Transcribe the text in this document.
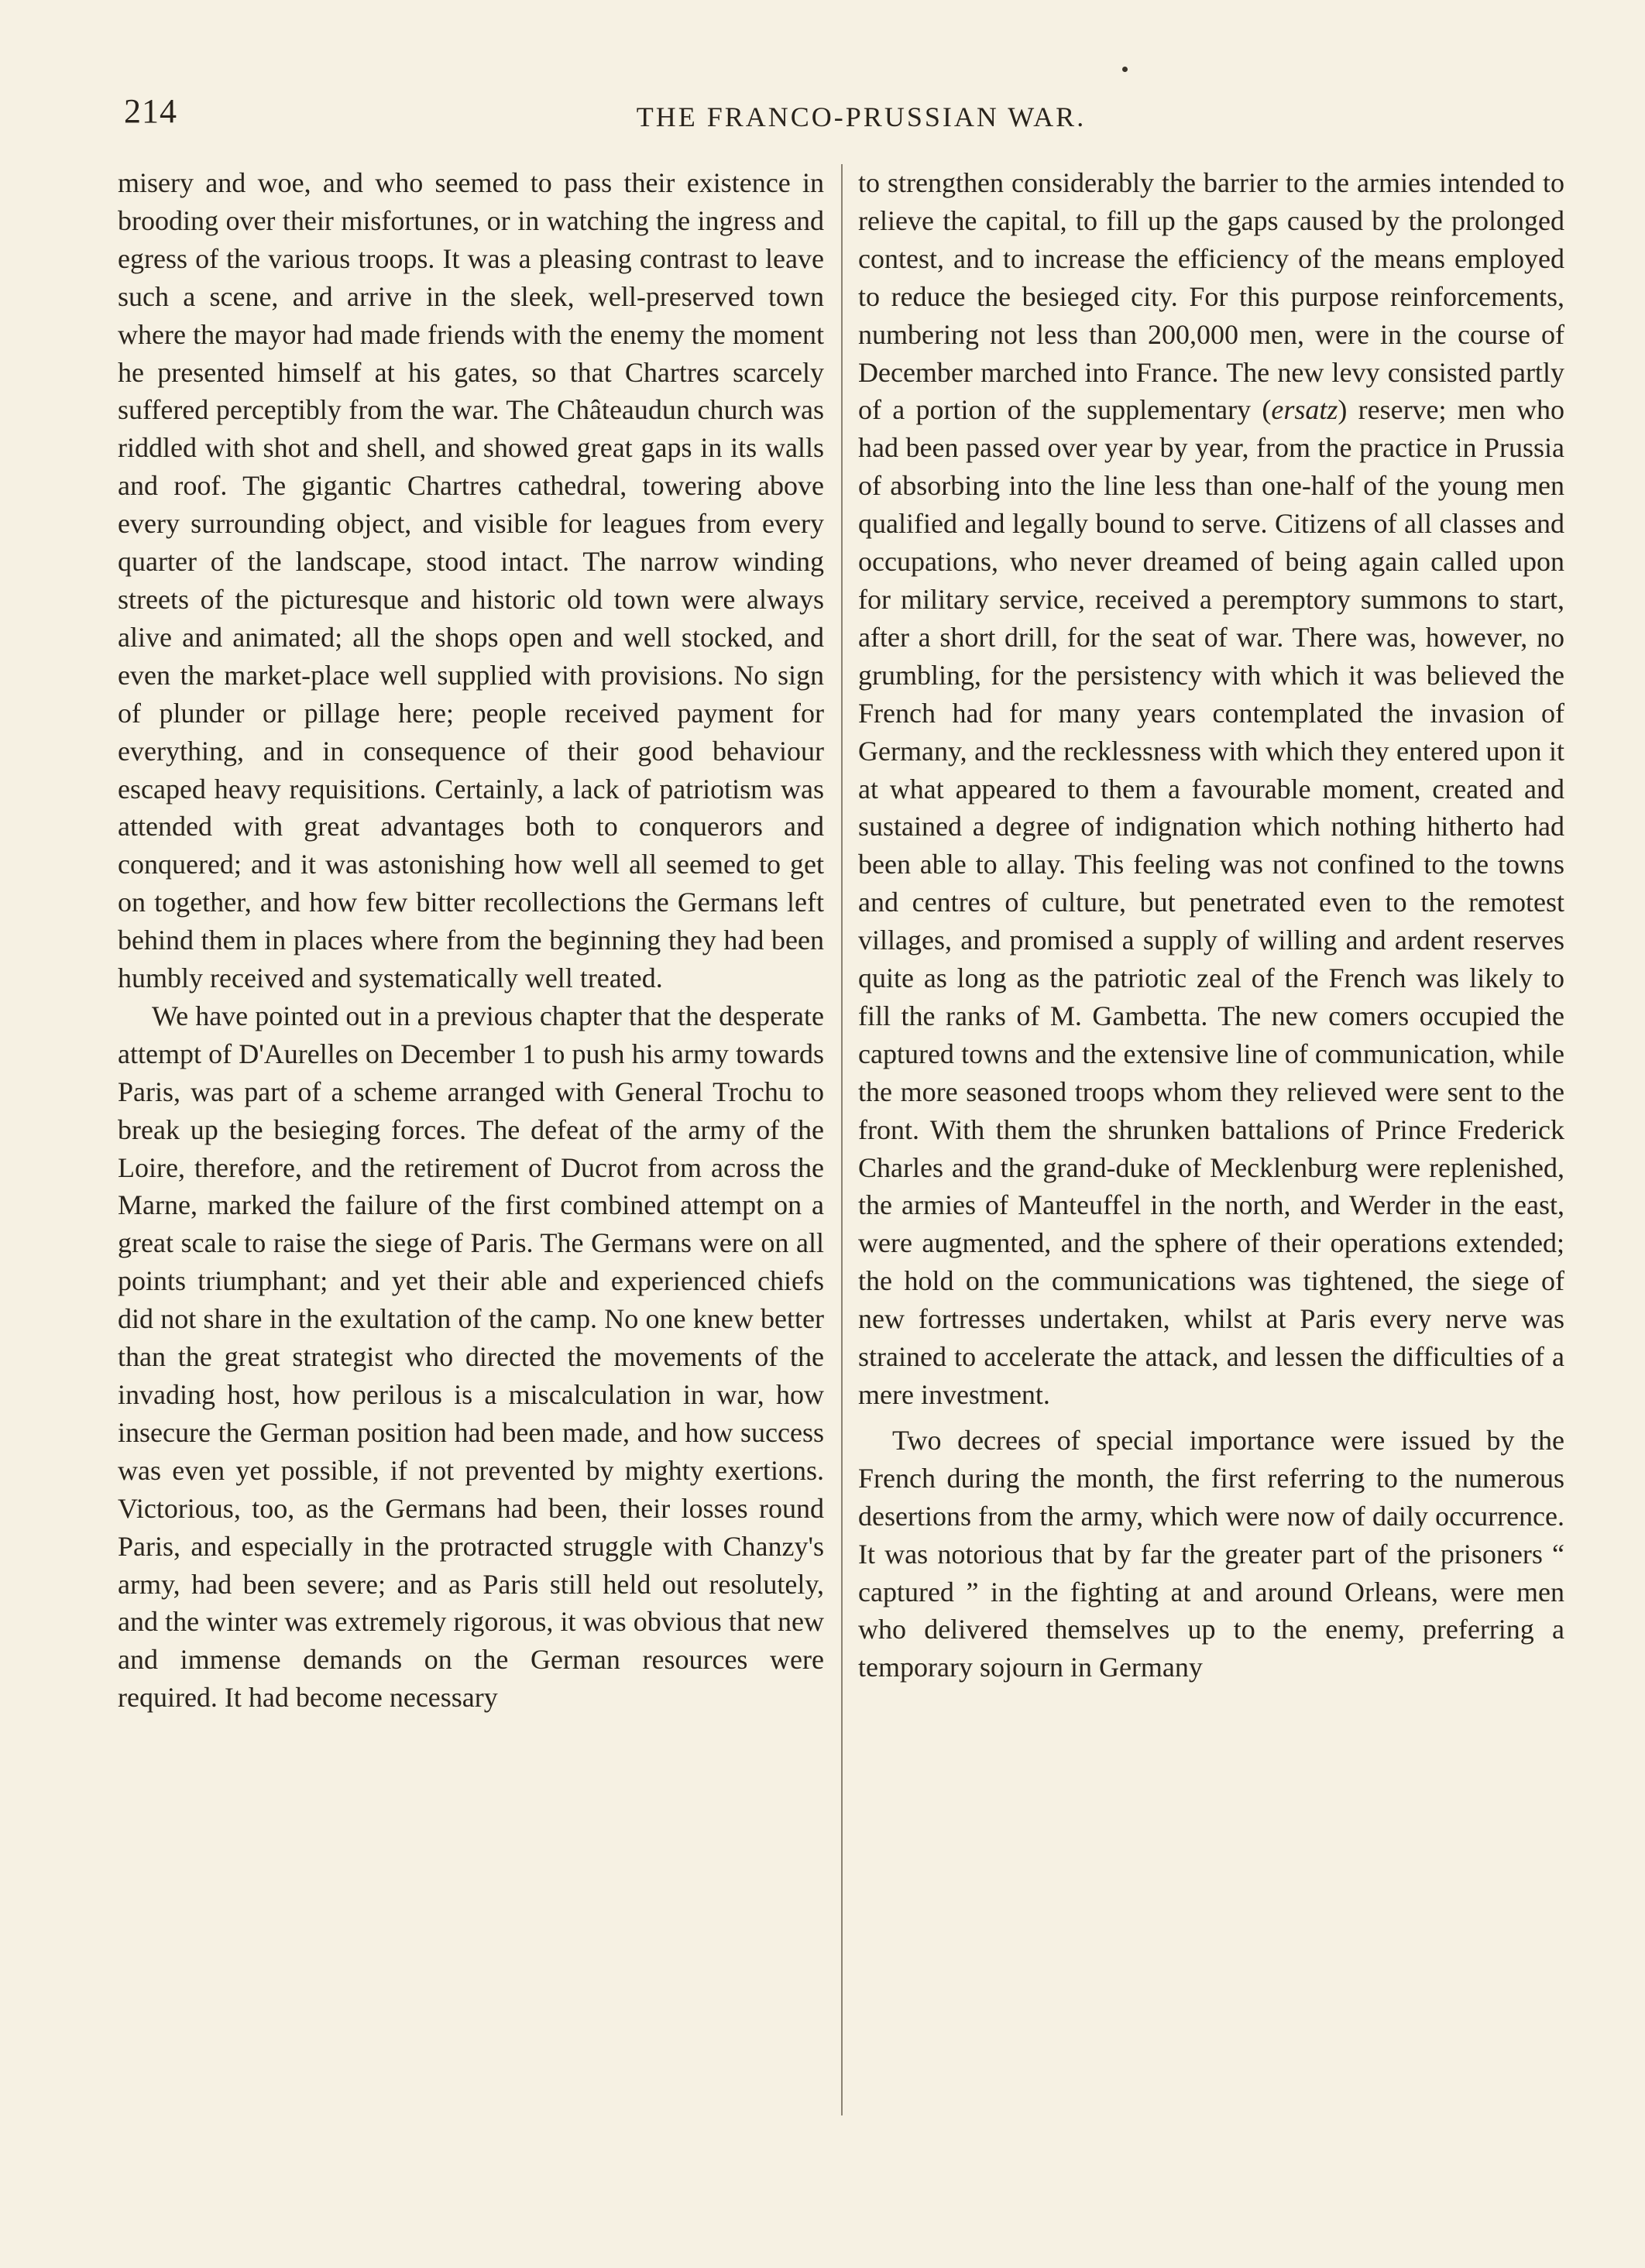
214	THE FRANCO-PRUSSIAN WAR.

misery and woe, and who seemed to pass their existence in brooding over their misfortunes, or in watching the ingress and egress of the various troops. It was a pleasing contrast to leave such a scene, and arrive in the sleek, well-preserved town where the mayor had made friends with the enemy the moment he presented himself at his gates, so that Chartres scarcely suffered perceptibly from the war. The Châteaudun church was riddled with shot and shell, and showed great gaps in its walls and roof. The gigantic Chartres cathedral, towering above every surrounding object, and visible for leagues from every quarter of the landscape, stood intact. The narrow winding streets of the picturesque and historic old town were always alive and animated; all the shops open and well stocked, and even the market-place well supplied with provisions. No sign of plunder or pillage here; people received payment for everything, and in consequence of their good behaviour escaped heavy requisitions. Certainly, a lack of patriotism was attended with great advantages both to conquerors and conquered; and it was astonishing how well all seemed to get on together, and how few bitter recollections the Germans left behind them in places where from the beginning they had been humbly received and systematically well treated.

We have pointed out in a previous chapter that the desperate attempt of D'Aurelles on December 1 to push his army towards Paris, was part of a scheme arranged with General Trochu to break up the besieging forces. The defeat of the army of the Loire, therefore, and the retirement of Ducrot from across the Marne, marked the failure of the first combined attempt on a great scale to raise the siege of Paris. The Germans were on all points triumphant; and yet their able and experienced chiefs did not share in the exultation of the camp. No one knew better than the great strategist who directed the movements of the invading host, how perilous is a miscalculation in war, how insecure the German position had been made, and how success was even yet possible, if not prevented by mighty exertions. Victorious, too, as the Germans had been, their losses round Paris, and especially in the protracted struggle with Chanzy's army, had been severe; and as Paris still held out resolutely, and the winter was extremely rigorous, it was obvious that new and immense demands on the German resources were required. It had become necessary

to strengthen considerably the barrier to the armies intended to relieve the capital, to fill up the gaps caused by the prolonged contest, and to increase the efficiency of the means employed to reduce the besieged city. For this purpose reinforcements, numbering not less than 200,000 men, were in the course of December marched into France. The new levy consisted partly of a portion of the supplementary (ersatz) reserve; men who had been passed over year by year, from the practice in Prussia of absorbing into the line less than one-half of the young men qualified and legally bound to serve. Citizens of all classes and occupations, who never dreamed of being again called upon for military service, received a peremptory summons to start, after a short drill, for the seat of war. There was, however, no grumbling, for the persistency with which it was believed the French had for many years contemplated the invasion of Germany, and the recklessness with which they entered upon it at what appeared to them a favourable moment, created and sustained a degree of indignation which nothing hitherto had been able to allay. This feeling was not confined to the towns and centres of culture, but penetrated even to the remotest villages, and promised a supply of willing and ardent reserves quite as long as the patriotic zeal of the French was likely to fill the ranks of M. Gambetta. The new comers occupied the captured towns and the extensive line of communication, while the more seasoned troops whom they relieved were sent to the front. With them the shrunken battalions of Prince Frederick Charles and the grand-duke of Mecklenburg were replenished, the armies of Manteuffel in the north, and Werder in the east, were augmented, and the sphere of their operations extended; the hold on the communications was tightened, the siege of new fortresses undertaken, whilst at Paris every nerve was strained to accelerate the attack, and lessen the difficulties of a mere investment.

Two decrees of special importance were issued by the French during the month, the first referring to the numerous desertions from the army, which were now of daily occurrence. It was notorious that by far the greater part of the prisoners “ captured ” in the fighting at and around Orleans, were men who delivered themselves up to the enemy, preferring a temporary sojourn in Germany
